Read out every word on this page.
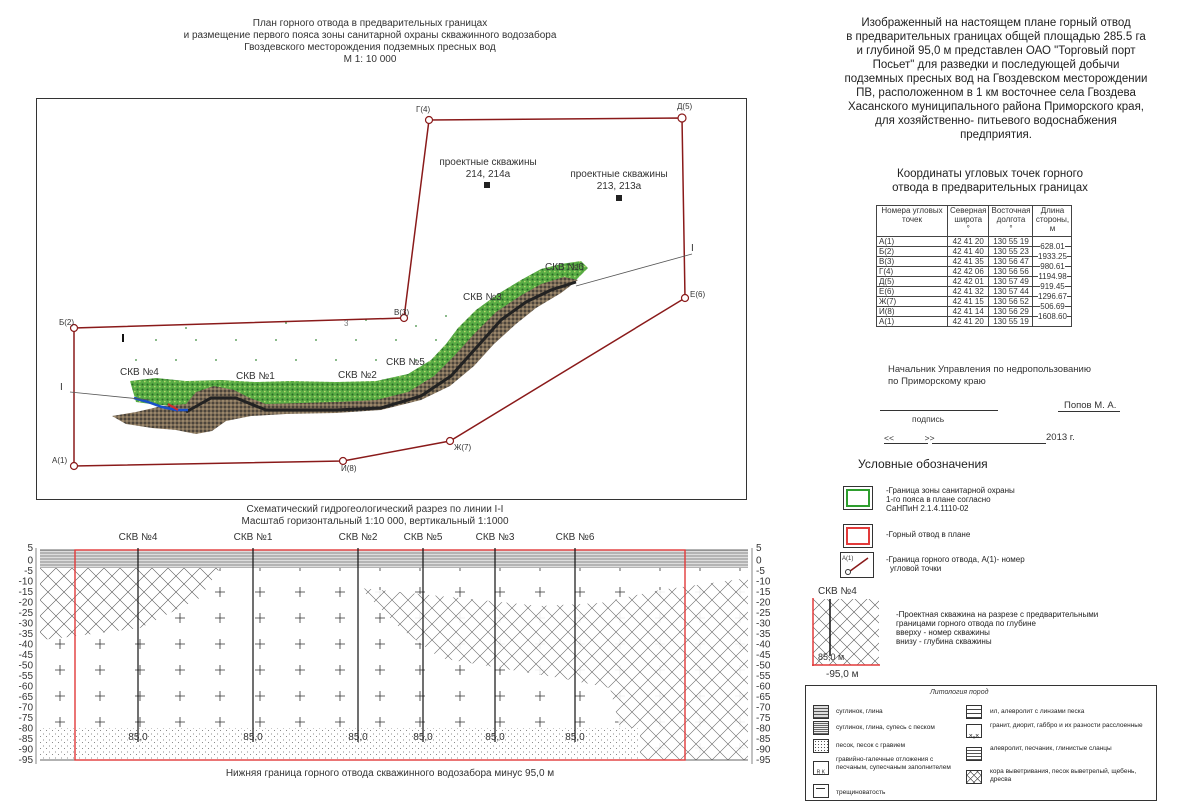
План горного отвода в предварительных границах
и размещение первого пояса зоны санитарной охраны скважинного водозабора
Гвоздевского месторождения подземных пресных вод
М 1: 10 000
А(1)
Б(2)
В(3)
Г(4)	Д(5)
Е(6)
Ж(7)
И(8)
3
I
I
СКВ №4	СКВ №1	СКВ №2
СКВ №5
СКВ №3
СКВ №6
проектные скважины
214, 214а	проектные скважины
213, 213а
Схематический гидрогеологический разрез по линии I-I
Масштаб горизонтальный 1:10 000, вертикальный 1:1000
СКВ №4	СКВ №1	СКВ №2	СКВ №5	СКВ №3	СКВ №6
85,0	85,0	85,0	85,0	85,0	85,0
5
0
-5
-10
-15
-20
-25
-30
-35
-40
-45
-50
-55
-60
-65
-70
-75
-80
-85
-90
-95
5
0
-5
-10
-15
-20
-25
-30
-35
-40
-45
-50
-55
-60
-65
-70
-75
-80
-85
-90
-95
Нижняя граница горного отвода скважинного водозабора минус 95,0 м
Изображенный на настоящем плане горный отвод
в предварительных границах общей площадью 285.5 га
и глубиной 95,0 м представлен ОАО "Торговый порт
Посьет" для разведки и последующей добычи
подземных пресных вод на Гвоздевском месторождении
ПВ, расположенном в 1 км восточнее села Гвоздева
Хасанского муниципального района Приморского края,
для хозяйственно- питьевого водоснабжения
предприятия.
Координаты угловых точек горного
отвода в предварительных границах
Номера угловых точек	Северная широта
°	Восточная долгота
°	Длина стороны, м
А(1)	42 41 20	130 55 19	628.01
Б(2)	42 41 40	130 55 23	1933.25
В(3)	42 41 35	130 56 47	980.61
Г(4)	42 42 06	130 56 56	1194.98
Д(5)	42 42 01	130 57 49	919.45
Е(6)	42 41 32	130 57 44	1296.67
Ж(7)	42 41 15	130 56 52	506.69
И(8)	42 41 14	130 56 29	1608.60
А(1)	42 41 20	130 55 19	
Начальник Управления по недропользованию
по Приморскому краю
подпись
Попов М. А.
<<             >>	2013 г.
Условные обозначения
-Граница зоны санитарной охраны
1-го пояса в плане согласно
СаНПиН 2.1.4.1110-02
-Горный отвод в плане
А(1)	-Граница горного отвода, А(1)- номер
угловой точки
СКВ №4
85,0 м
-95,0 м
-Проектная скважина на разрезе с предварительными
границами горного отвода по глубине
вверху - номер скважины
внизу - глубина скважины
Литология пород
суглинок, глина
суглинок, глина, супесь с песком
песок, песок с гравием
ᴿ.ᴷ
гравийно-галечные отложения с песчаным, супесчаным заполнителем
трещиноватость
ил, алевролит с линзами песка
×ₓ×
гранит, диорит, габбро и их разности расслоенные
алевролит, песчаник, глинистые сланцы
кора выветривания, песок выветрелый, щебень, дресва
